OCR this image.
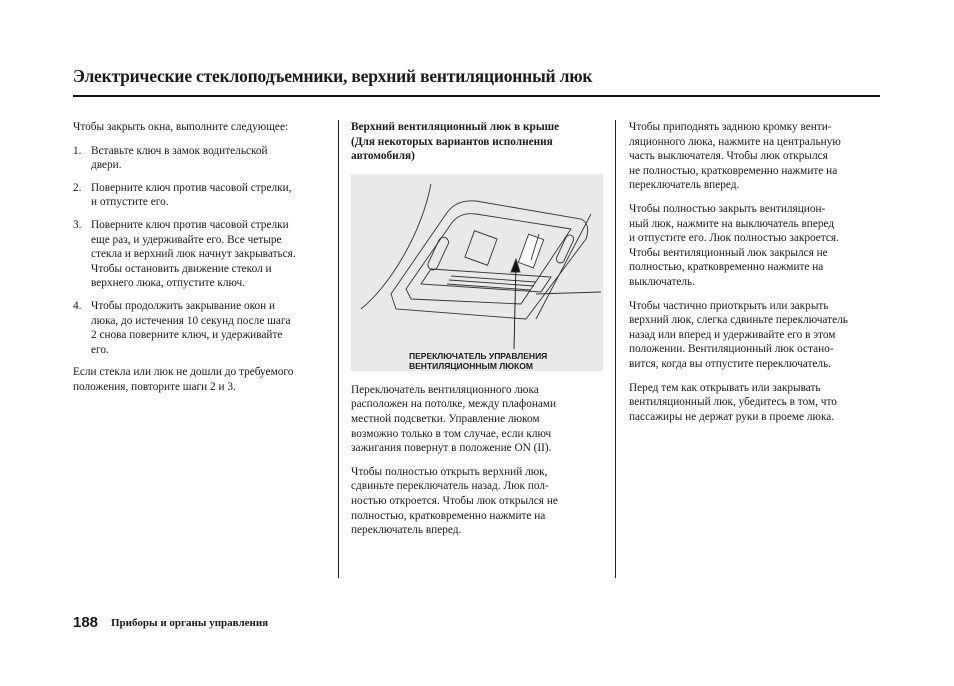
Электрические стеклоподъемники, верхний вентиляционный люк

Чтобы закрыть окна, выполните следующее:

1. Вставьте ключ в замок водительской
двери.
2. Поверните ключ против часовой стрелки,
и отпустите его.
3. Поверните ключ против часовой стрелки
еще раз, и удерживайте его. Все четыре
стекла и верхний люк начнут закрываться.
Чтобы остановить движение стекол и
верхнего люка, отпустите ключ.
4. Чтобы продолжить закрывание окон и
люка, до истечения 10 секунд после шага
2 снова поверните ключ, и удерживайте
его.

Если стекла или люк не дошли до требуемого
положения, повторите шаги 2 и 3.

Верхний вентиляционный люк в крыше
(Для некоторых вариантов исполнения
автомобиля)
ПЕРЕКЛЮЧАТЕЛЬ УПРАВЛЕНИЯ
ВЕНТИЛЯЦИОННЫМ ЛЮКОМ

Переключатель вентиляционного люка
расположен на потолке, между плафонами
местной подсветки. Управление люком
возможно только в том случае, если ключ
зажигания повернут в положение ON (II).

Чтобы полностью открыть верхний люк,
сдвиньте переключатель назад. Люк пол-
ностью откроется. Чтобы люк открылся не
полностью, кратковременно нажмите на
переключатель вперед.

Чтобы приподнять заднюю кромку венти-
ляционного люка, нажмите на центральную
часть выключателя. Чтобы люк открылся
не полностью, кратковременно нажмите на
переключатель вперед.

Чтобы полностью закрыть вентиляцион-
ный люк, нажмите на выключатель вперед
и отпустите его. Люк полностью закроется.
Чтобы вентиляционный люк закрылся не
полностью, кратковременно нажмите на
выключатель.

Чтобы частично приоткрыть или закрыть
верхний люк, слегка сдвиньте переключатель
назад или вперед и удерживайте его в этом
положении. Вентиляционный люк остано-
вится, когда вы отпустите переключатель.

Перед тем как открывать или закрывать
вентиляционный люк, убедитесь в том, что
пассажиры не держат руки в проеме люка.

188 Приборы и органы управления
